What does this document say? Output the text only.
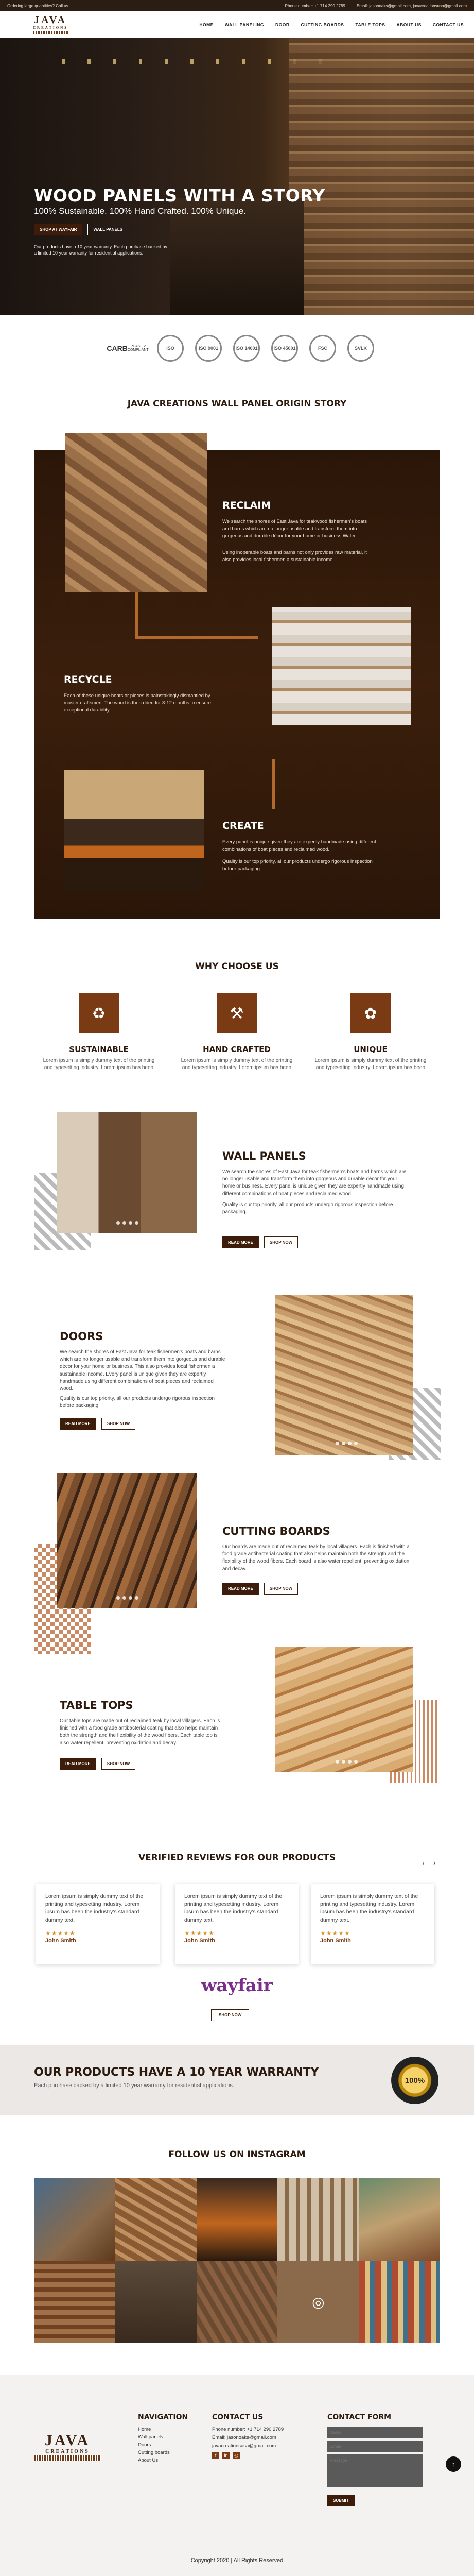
Ordering large quantities? Call us	Phone number: +1 714 290 2789	Email: jasonoaks@gmail.com, javacreationsusa@gmail.com
JAVA
CREATIONS
HOME	WALL PANELING	DOOR	CUTTING BOARDS	TABLE TOPS	ABOUT US	CONTACT US
WOOD PANELS WITH A STORY
100% Sustainable. 100% Hand Crafted. 100% Unique.
SHOP AT WAYFAIR	WALL PANELS
Our products have a 10 year warranty. Each purchase backed by a limited 10 year warranty for residential applications.
CARB PHASE 2 COMPLIANT	ISO	ISO 9001	ISO 14001	ISO 45001	FSC	SVLK
JAVA CREATIONS WALL PANEL ORIGIN STORY
RECLAIM
We search the shores of East Java for teakwood fishermen's boats and barns which are no longer usable and transform them into gorgeous and durable décor for your home or business.Water
Using inoperable boats and barns not only provides raw material, it also provides local fishermen a sustainable income.
RECYCLE
Each of these unique boats or pieces is painstakingly dismantled by master craftsmen. The wood is then dried for 8-12 months to ensure exceptional durability.
CREATE
Every panel is unique given they are expertly handmade using different combinations of boat pieces and reclaimed wood.
Quality is our top priority, all our products undergo rigorous inspection before packaging.
WHY CHOOSE US
♻
SUSTAINABLE

Lorem ipsum is simply dummy text of the printing and typesetting industry. Lorem ipsum has been

⚒
HAND CRAFTED

Lorem ipsum is simply dummy text of the printing and typesetting industry. Lorem ipsum has been

✿
UNIQUE

Lorem ipsum is simply dummy text of the printing and typesetting industry. Lorem ipsum has been

WALL PANELS

We search the shores of East Java for teak fishermen's boats and barns which are no longer usable and transform them into gorgeous and durable décor for your home or business. Every panel is unique given they are expertly handmade using different combinations of boat pieces and reclaimed wood.

Quality is our top priority, all our products undergo rigorous inspection before packaging.

READ MORE	SHOP NOW
DOORS

We search the shores of East Java for teak fishermen's boats and barns which are no longer usable and transform them into gorgeous and durable décor for your home or business. This also provides local fishermen a sustainable income. Every panel is unique given they are expertly handmade using different combinations of boat pieces and reclaimed wood.

Quality is our top priority, all our products undergo rigorous inspection before packaging.

READ MORE	SHOP NOW
CUTTING BOARDS

Our boards are made out of reclaimed teak by local villagers. Each is finished with a food grade antibacterial coating that also helps maintain both the strength and the flexibility of the wood fibers. Each board is also water repellent, preventing oxidation and decay.

READ MORE	SHOP NOW
TABLE TOPS

Our table tops are made out of reclaimed teak by local villagers. Each is finished with a food grade antibacterial coating that also helps maintain both the strength and the flexibility of the wood fibers. Each table top is also water repellent, preventing oxidation and decay.

READ MORE	SHOP NOW
VERIFIED REVIEWS FOR OUR PRODUCTS	‹	›

Lorem ipsum is simply dummy text of the printing and typesetting industry. Lorem ipsum has been the industry's standard dummy text.

★★★★★
John Smith

Lorem ipsum is simply dummy text of the printing and typesetting industry. Lorem ipsum has been the industry's standard dummy text.

★★★★★
John Smith

Lorem ipsum is simply dummy text of the printing and typesetting industry. Lorem ipsum has been the industry's standard dummy text.

★★★★★
John Smith
wayfair
SHOP NOW
OUR PRODUCTS HAVE A 10 YEAR WARRANTY

Each purchase backed by a limited 10 year warranty for residential applications.

100%
FOLLOW US ON INSTAGRAM
◎
JAVA
CREATIONS
NAVIGATION
Home
Wall panels
Doors
Cutting boards
About Us
CONTACT US
Phone number: +1 714 290 2789
Email: jasonoaks@gmail.com
javacreationsusa@gmail.com
f	in	◎
CONTACT FORM
Name
Email
Message SUBMIT
↑
Copyright 2020 | All Rights Reserved
